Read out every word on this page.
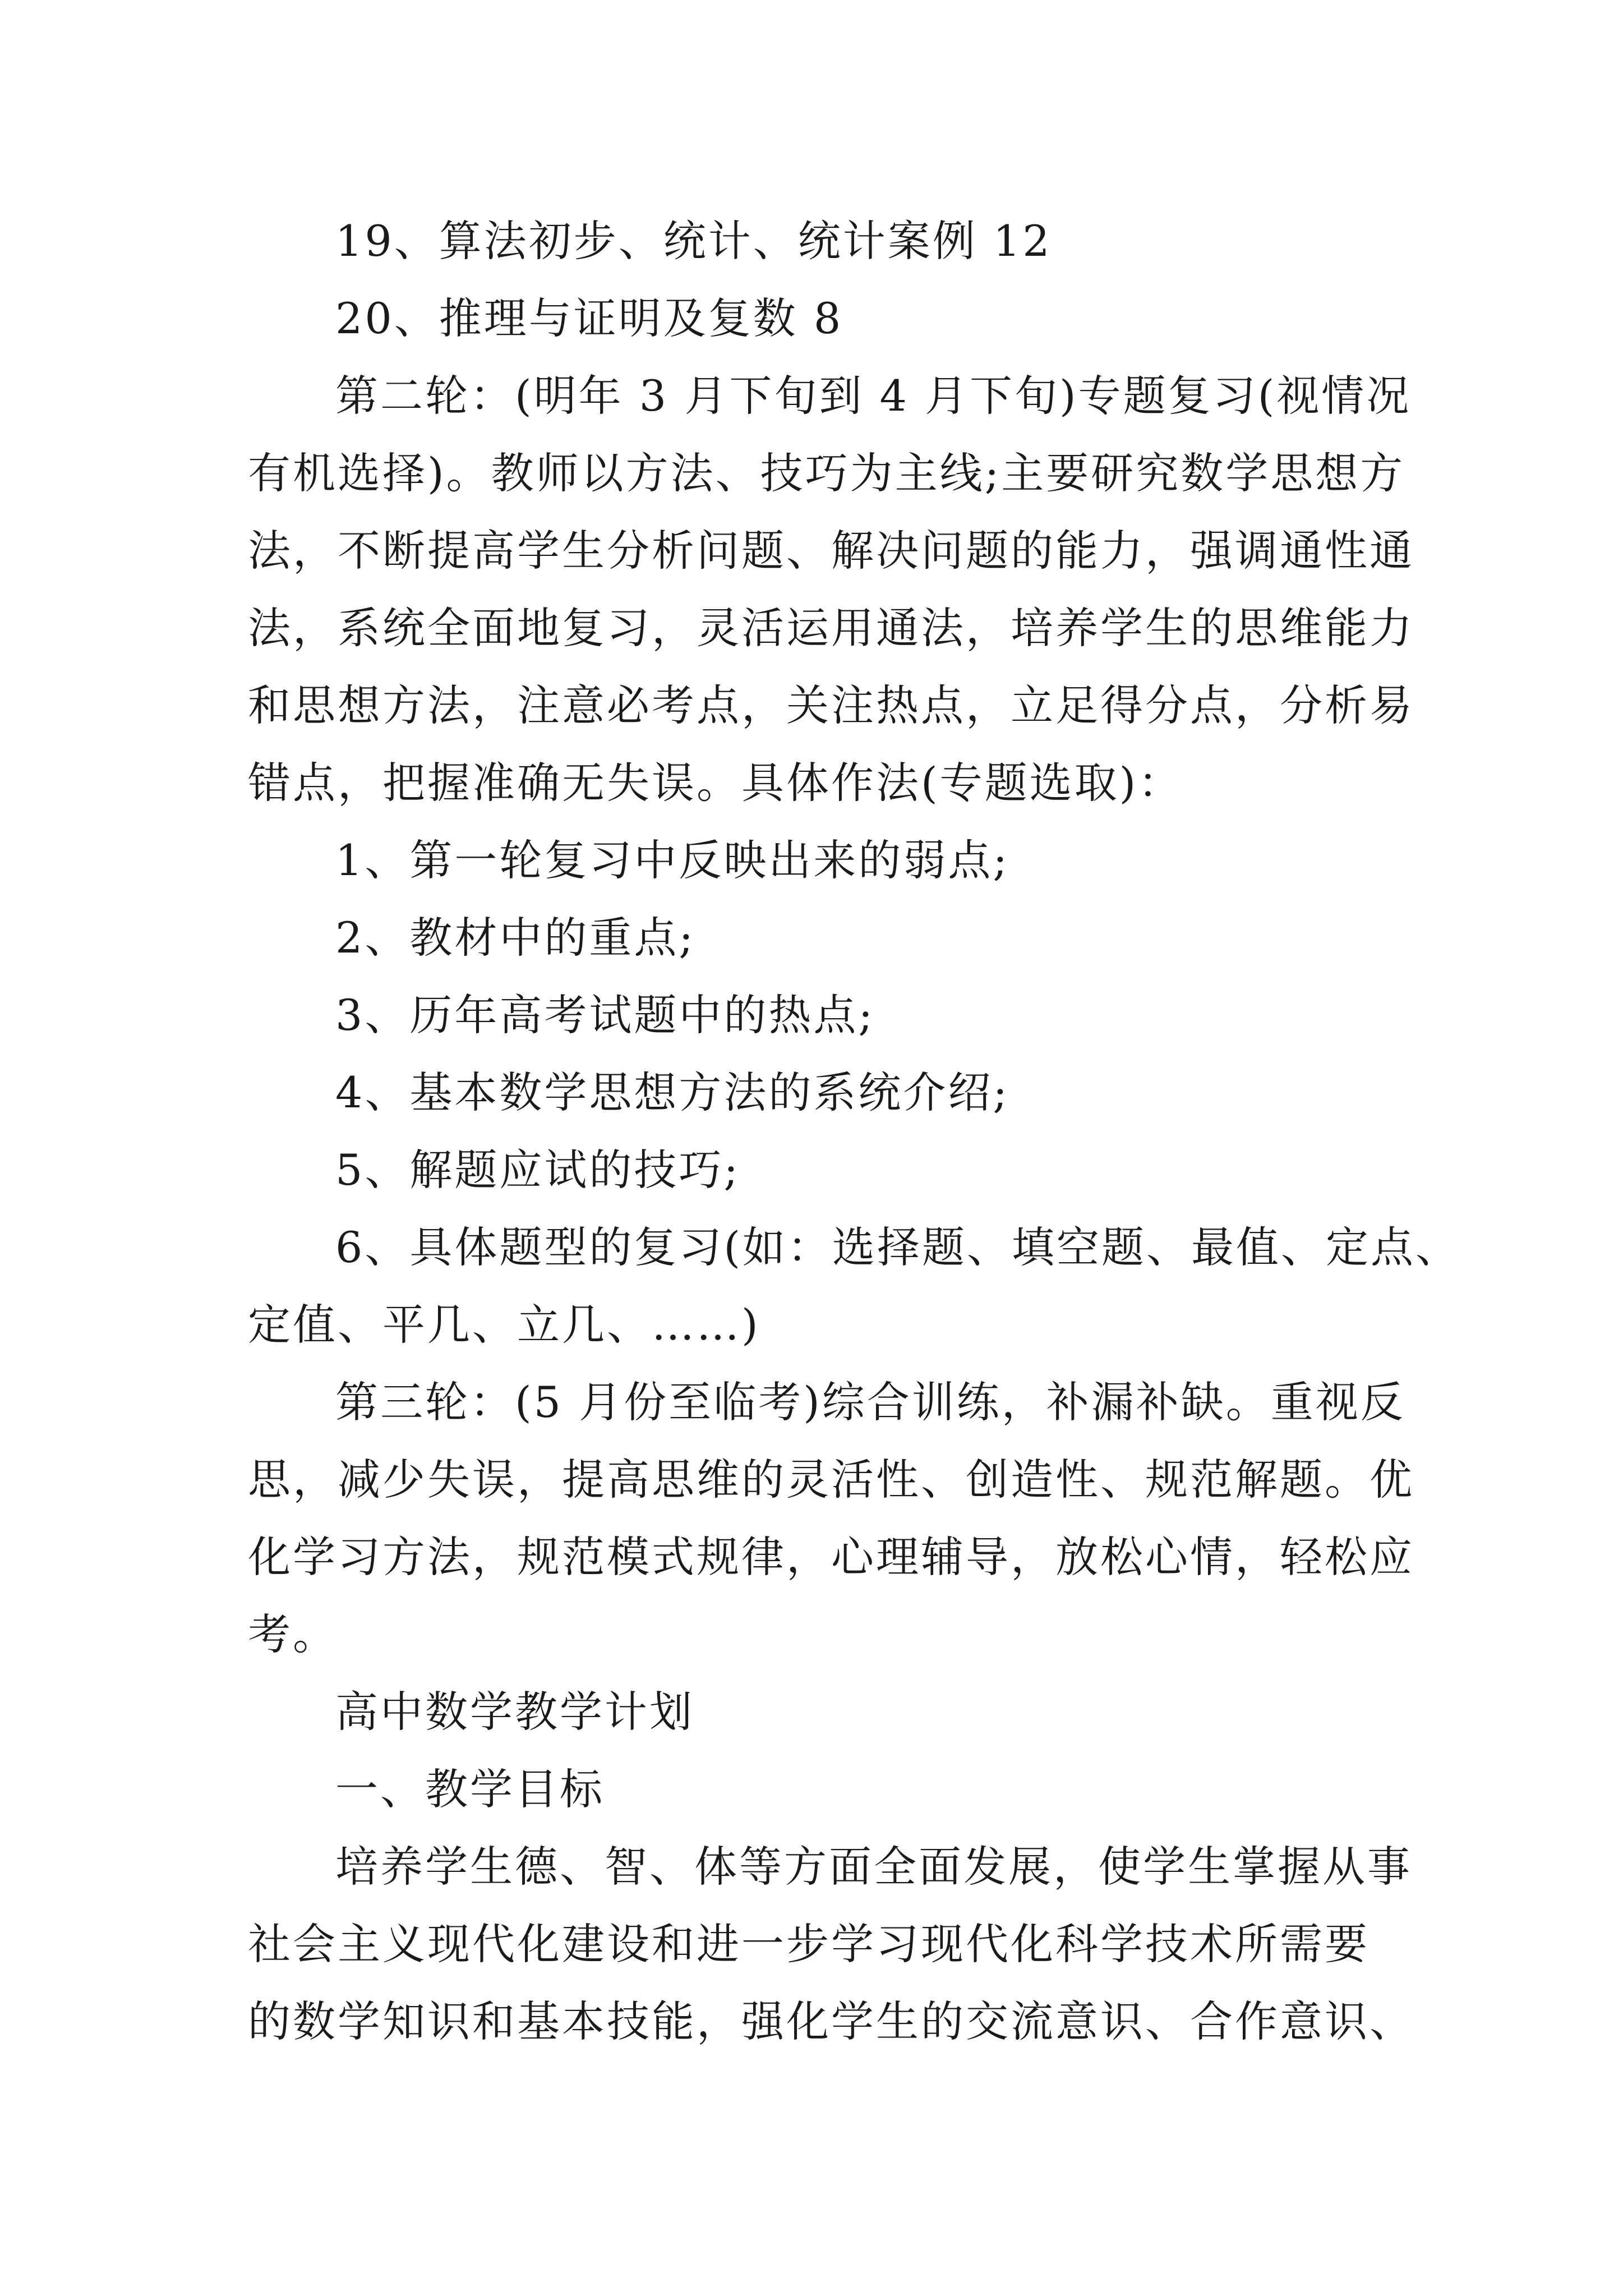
19、算法初步、统计、统计案例 12
20、推理与证明及复数 8
第二轮：(明年 3 月下旬到 4 月下旬)专题复习(视情况
有机选择)。教师以方法、技巧为主线;主要研究数学思想方
法，不断提高学生分析问题、解决问题的能力，强调通性通
法，系统全面地复习，灵活运用通法，培养学生的思维能力
和思想方法，注意必考点，关注热点，立足得分点，分析易
错点，把握准确无失误。具体作法(专题选取)：
1、第一轮复习中反映出来的弱点;
2、教材中的重点;
3、历年高考试题中的热点;
4、基本数学思想方法的系统介绍;
5、解题应试的技巧;
6、具体题型的复习(如：选择题、填空题、最值、定点、
定值、平几、立几、……)
第三轮：(5 月份至临考)综合训练，补漏补缺。重视反
思，减少失误，提高思维的灵活性、创造性、规范解题。优
化学习方法，规范模式规律，心理辅导，放松心情，轻松应
考。
高中数学教学计划
一、教学目标
培养学生德、智、体等方面全面发展，使学生掌握从事
社会主义现代化建设和进一步学习现代化科学技术所需要
的数学知识和基本技能，强化学生的交流意识、合作意识、
